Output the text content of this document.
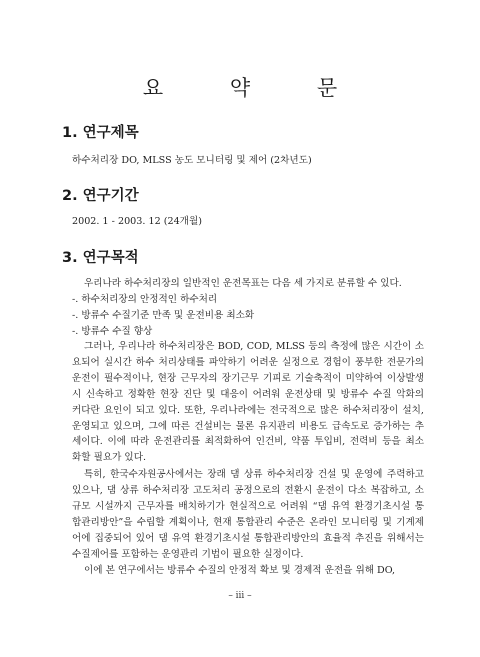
요 약 문
1. 연구제목
하수처리장 DO, MLSS 농도 모니터링 및 제어 (2차년도)
2. 연구기간
2002. 1 - 2003. 12 (24개월)
3. 연구목적
우리나라 하수처리장의 일반적인 운전목표는 다음 세 가지로 분류할 수 있다.
-. 하수처리장의 안정적인 하수처리
-. 방류수 수질기준 만족 및 운전비용 최소화
-. 방류수 수질 향상
그러나, 우리나라 하수처리장은 BOD, COD, MLSS 등의 측정에 많은 시간이 소
요되어 실시간 하수 처리상태를 파악하기 어려운 실정으로 경험이 풍부한 전문가의
운전이 필수적이나, 현장 근무자의 장기근무 기피로 기술축적이 미약하여 이상발생
시 신속하고 정확한 현장 진단 및 대응이 어려워 운전상태 및 방류수 수질 악화의
커다란 요인이 되고 있다. 또한, 우리나라에는 전국적으로 많은 하수처리장이 설치,
운영되고 있으며, 그에 따른 건설비는 물론 유지관리 비용도 급속도로 증가하는 추
세이다. 이에 따라 운전관리를 최적화하여 인건비, 약품 투입비, 전력비 등을 최소
화할 필요가 있다.
특히, 한국수자원공사에서는 장래 댐 상류 하수처리장 건설 및 운영에 주력하고
있으나, 댐 상류 하수처리장 고도처리 공정으로의 전환시 운전이 다소 복잡하고, 소
규모 시설까지 근무자를 배치하기가 현실적으로 어려워 “댐 유역 환경기초시설 통
합관리방안”을 수립할 계획이나, 현재 통합관리 수준은 온라인 모니터링 및 기계제
어에 집중되어 있어 댐 유역 환경기초시설 통합관리방안의 효율적 추진을 위해서는
수질제어를 포함하는 운영관리 기법이 필요한 실정이다.
이에 본 연구에서는 방류수 수질의 안정적 확보 및 경제적 운전을 위해 DO,
– iii –
